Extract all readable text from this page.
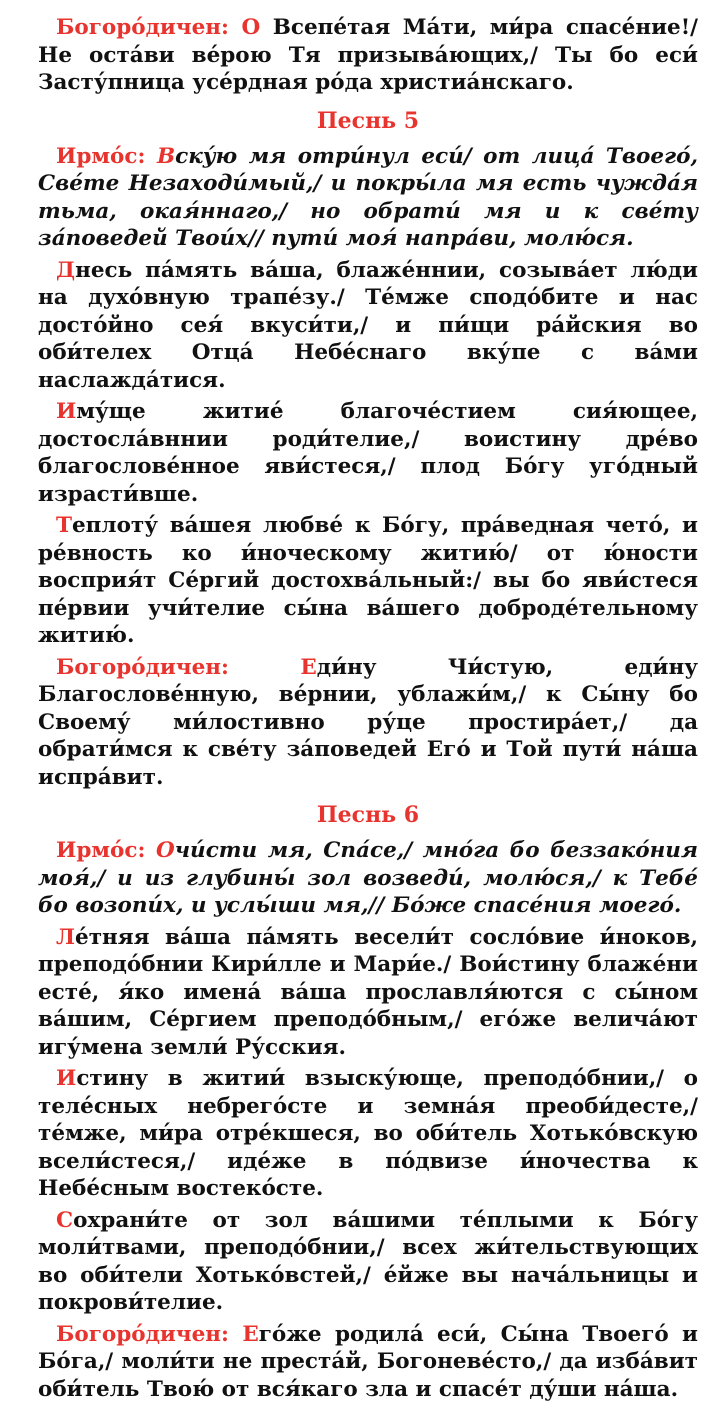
Богоро́дичен: О Всепе́тая Ма́ти, ми́ра спасе́ние!/ Не оста́ви ве́рою Тя призыва́ющих,/ Ты бо еси́ Засту́пница усе́рдная ро́да христиа́нскаго.

Песнь 5

Ирмо́с: Вску́ю мя отри́нул еси́/ от лица́ Твоего́, Све́те Незаходи́мый,/ и покры́ла мя есть чужда́я тьма, окая́ннаго,/ но обрати́ мя и к све́ту за́поведей Твои́х// пути́ моя́ напра́ви, молю́ся.

Днесь па́мять ва́ша, блаже́ннии, созыва́ет лю́ди на духо́вную трапе́зу./ Те́мже сподо́бите и нас досто́йно сея́ вкуси́ти,/ и пи́щи ра́йския во оби́телех Отца́ Небе́снаго вку́пе с ва́ми наслажда́тися.

Иму́ще житие́ благоче́стием сия́ющее, достосла́вннии роди́телие,/ воистину дре́во благослове́нное яви́стеся,/ плод Бо́гу уго́дный израсти́вше.

Теплоту́ ва́шея любве́ к Бо́гу, пра́ведная чето́, и ре́вность ко и́ноческому житию́/ от ю́ности восприя́т Се́ргий достохва́льный:/ вы бо яви́стеся пе́рвии учи́телие сы́на ва́шего доброде́тельному житию́.

Богоро́дичен: Еди́ну Чи́стую, еди́ну Благослове́нную, ве́рнии, ублажи́м,/ к Сы́ну бо Своему́ ми́лостивно ру́це простира́ет,/ да обрати́мся к све́ту за́поведей Его́ и Той пути́ на́ша испра́вит.

Песнь 6

Ирмо́с: Очи́сти мя, Спа́се,/ мно́га бо беззако́ния моя́,/ и из глубины́ зол возведи́, молю́ся,/ к Тебе́ бо возопи́х, и услы́ши мя,// Бо́же спасе́ния моего́.

Ле́тняя ва́ша па́мять весели́т сосло́вие и́ноков, преподо́бнии Кири́лле и Мари́е./ Вои́стину блаже́ни есте́, я́ко имена́ ва́ша прославля́ются с сы́ном ва́шим, Се́ргием преподо́бным,/ его́же велича́ют игу́мена земли́ Ру́сския.

Истину в житии́ взыску́юще, преподо́бнии,/ о теле́сных небрего́сте и земна́я преоби́десте,/ те́мже, ми́ра отре́кшеся, во оби́тель Хотько́вскую всели́стеся,/ иде́же в по́двизе и́ночества к Небе́сным востеко́сте.

Сохрани́те от зол ва́шими те́плыми к Бо́гу моли́твами, преподо́бнии,/ всех жи́тельствующих во оби́тели Хотько́встей,/ е́йже вы нача́льницы и покрови́телие.

Богоро́дичен: Его́же родила́ еси́, Сы́на Твоего́ и Бо́га,/ моли́ти не преста́й, Богоневе́сто,/ да изба́вит оби́тель Твою́ от вся́каго зла и спасе́т ду́ши на́ша.
